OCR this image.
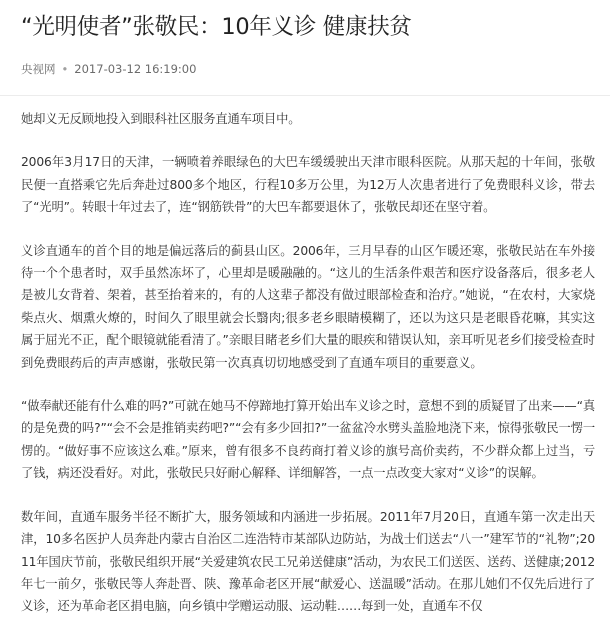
“光明使者”张敬民：10年义诊 健康扶贫
央视网 • 2017-03-12 16:19:00

她却义无反顾地投入到眼科社区服务直通车项目中。

2006年3月17日的天津，一辆喷着养眼绿色的大巴车缓缓驶出天津市眼科医院。从那天起的十年间，张敬民便一直搭乘它先后奔赴过800多个地区，行程10多万公里，为12万人次患者进行了免费眼科义诊，带去了“光明”。转眼十年过去了，连“钢筋铁骨”的大巴车都要退休了，张敬民却还在坚守着。

义诊直通车的首个目的地是偏远落后的蓟县山区。2006年，三月早春的山区乍暖还寒，张敬民站在车外接待一个个患者时，双手虽然冻坏了，心里却是暖融融的。“这儿的生活条件艰苦和医疗设备落后，很多老人是被儿女背着、架着，甚至抬着来的，有的人这辈子都没有做过眼部检查和治疗。”她说，“在农村，大家烧柴点火、烟熏火燎的，时间久了眼里就会长翳肉;很多老乡眼睛模糊了，还以为这只是老眼昏花嘛，其实这属于屈光不正，配个眼镜就能看清了。”亲眼目睹老乡们大量的眼疾和错误认知，亲耳听见老乡们接受检查时到免费眼药后的声声感谢，张敬民第一次真真切切地感受到了直通车项目的重要意义。

“做奉献还能有什么难的吗?”可就在她马不停蹄地打算开始出车义诊之时，意想不到的质疑冒了出来——“真的是免费的吗?”“会不会是推销卖药吧?”“会有多少回扣?”一盆盆冷水劈头盖脸地浇下来，惊得张敬民一愣一愣的。“做好事不应该这么难。”原来，曾有很多不良药商打着义诊的旗号高价卖药，不少群众都上过当，亏了钱，病还没看好。对此，张敬民只好耐心解释、详细解答，一点一点改变大家对“义诊”的误解。

数年间，直通车服务半径不断扩大，服务领域和内涵进一步拓展。2011年7月20日，直通车第一次走出天津，10多名医护人员奔赴内蒙古自治区二连浩特市某部队边防站，为战士们送去“八一”建军节的“礼物”;2011年国庆节前，张敬民组织开展“关爱建筑农民工兄弟送健康”活动，为农民工们送医、送药、送健康;2012年七一前夕，张敬民等人奔赴晋、陕、豫革命老区开展“献爱心、送温暖”活动。在那儿她们不仅先后进行了义诊，还为革命老区捐电脑，向乡镇中学赠运动服、运动鞋……每到一处，直通车不仅
